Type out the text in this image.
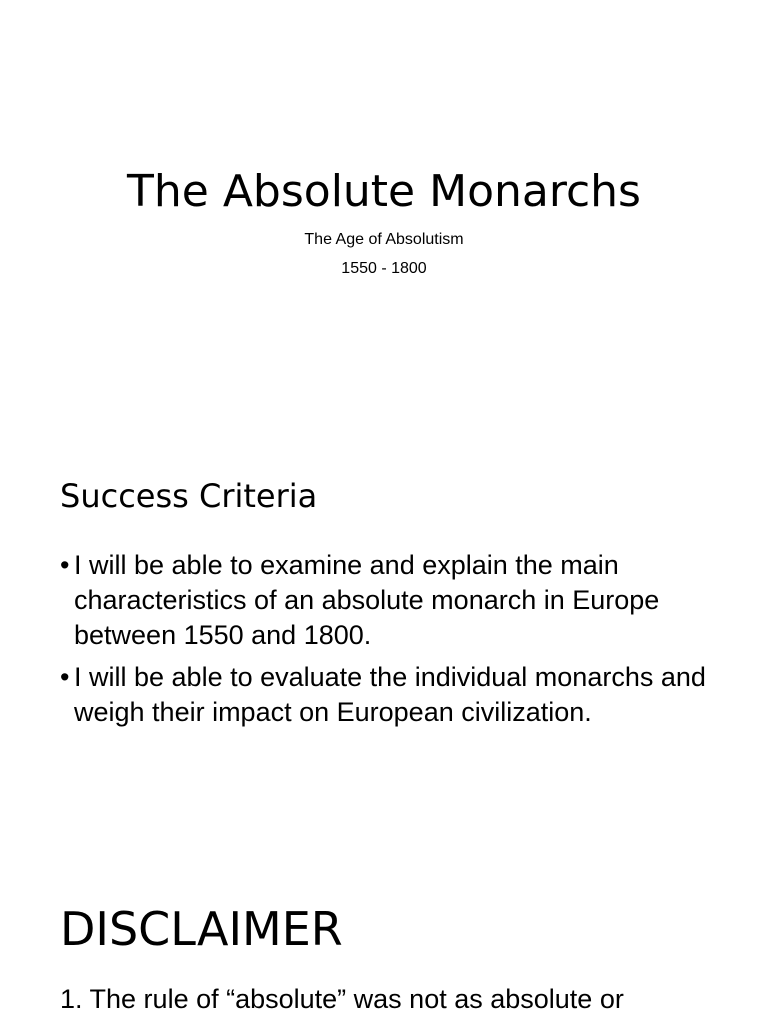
The Absolute Monarchs
The Age of Absolutism
1550 - 1800
Success Criteria
• I will be able to examine and explain the main characteristics of an absolute monarch in Europe between 1550 and 1800.
• I will be able to evaluate the individual monarchs and weigh their impact on European civilization.
DISCLAIMER
1. The rule of “absolute” was not as absolute or
